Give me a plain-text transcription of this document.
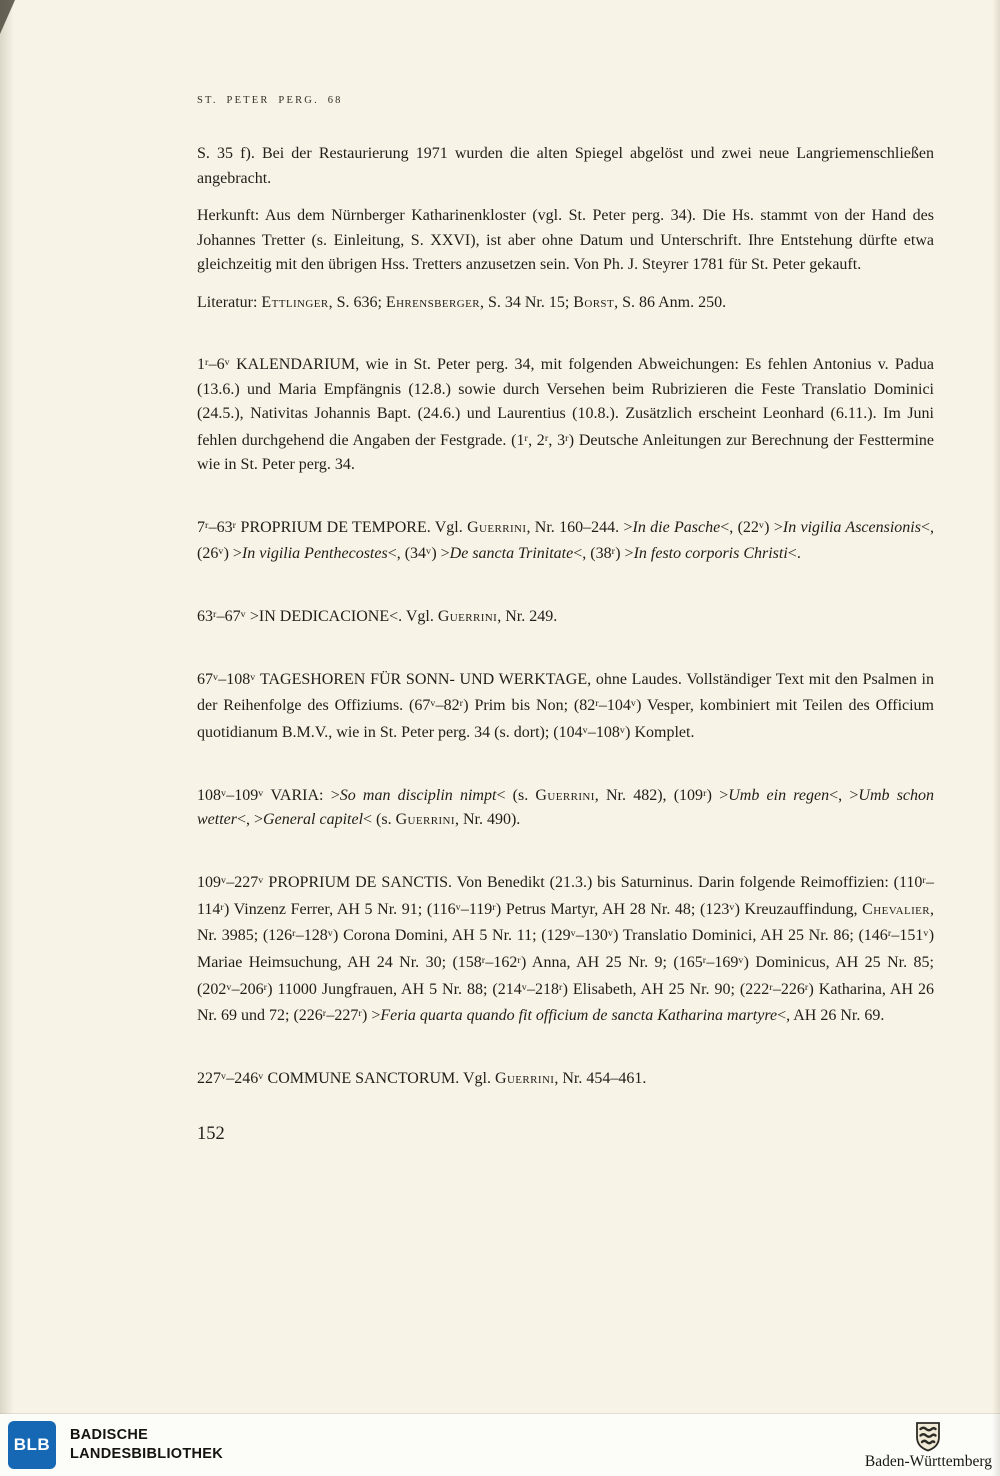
ST. PETER PERG. 68
S. 35 f). Bei der Restaurierung 1971 wurden die alten Spiegel abgelöst und zwei neue Langriemenschließen angebracht.
Herkunft: Aus dem Nürnberger Katharinenkloster (vgl. St. Peter perg. 34). Die Hs. stammt von der Hand des Johannes Tretter (s. Einleitung, S. XXVI), ist aber ohne Datum und Unterschrift. Ihre Entstehung dürfte etwa gleichzeitig mit den übrigen Hss. Tretters anzusetzen sein. Von Ph. J. Steyrer 1781 für St. Peter gekauft.
Literatur: Ettlinger, S. 636; Ehrensberger, S. 34 Nr. 15; Borst, S. 86 Anm. 250.
1$^r$–6$^v$ KALENDARIUM, wie in St. Peter perg. 34, mit folgenden Abweichungen: Es fehlen Antonius v. Padua (13.6.) und Maria Empfängnis (12.8.) sowie durch Versehen beim Rubrizieren die Feste Translatio Dominici (24.5.), Nativitas Johannis Bapt. (24.6.) und Laurentius (10.8.). Zusätzlich erscheint Leonhard (6.11.). Im Juni fehlen durchgehend die Angaben der Festgrade. (1$^r$, 2$^r$, 3$^r$) Deutsche Anleitungen zur Berechnung der Festtermine wie in St. Peter perg. 34.
7$^r$–63$^r$ PROPRIUM DE TEMPORE. Vgl. Guerrini, Nr. 160–244. >In die Pasche<, $(22^v) >In$ vigilia Ascensionis<, $(26^v) >In$ vigilia Penthecostes<, $(34^v) >De$ sancta Trinitate<, $(38^r) >In$ festo corporis Christi<.
$63^r-67^v >IN$ DEDICACIONE<. Vgl. Guerrini, Nr. 249.
67$^v$–108$^v$ TAGESHOREN FÜR SONN- UND WERKTAGE, ohne Laudes. Vollständiger Text mit den Psalmen in der Reihenfolge des Offiziums. (67$^v$–82$^r$) Prim bis Non; (82$^r$–104$^v$) Vesper, kombiniert mit Teilen des Officium quotidianum B.M.V., wie in St. Peter perg. 34 (s. dort); (104$^v$–108$^v$) Komplet.
108$^v$–109$^v$ VARIA: >So man disciplin nimpt< (s. Guerrini, Nr. 482), $(109^r) >Umb$ ein regen<, >Umb schon wetter<, >General capitel< (s. Guerrini, Nr. 490).
109$^v$–227$^v$ PROPRIUM DE SANCTIS. Von Benedikt (21.3.) bis Saturninus. Darin folgende Reimoffizien: (110$^r$–114$^r$) Vinzenz Ferrer, AH 5 Nr. 91; (116$^v$–119$^r$) Petrus Martyr, AH 28 Nr. 48; (123$^v$) Kreuzauffindung, Chevalier, Nr. 3985; (126$^r$–128$^v$) Corona Domini, AH 5 Nr. 11; (129$^v$–130$^v$) Translatio Dominici, AH 25 Nr. 86; (146$^r$–151$^v$) Mariae Heimsuchung, AH 24 Nr. 30; (158$^r$–162$^r$) Anna, AH 25 Nr. 9; (165$^r$–169$^v$) Dominicus, AH 25 Nr. 85; (202$^v$–206$^r$) 11000 Jungfrauen, AH 5 Nr. 88; (214$^v$–218$^r$) Elisabeth, AH 25 Nr. 90; (222$^r$–226$^r$) Katharina, AH 26 Nr. 69 und 72; $(226^r-227^r)$ >Feria quarta quando fit officium de sancta Katharina martyre<, AH 26 Nr. 69.
227$^v$–246$^v$ COMMUNE SANCTORUM. Vgl. Guerrini, Nr. 454–461.
152
BLB BADISCHE
LANDESBIBLIOTHEK	Baden-Württemberg
